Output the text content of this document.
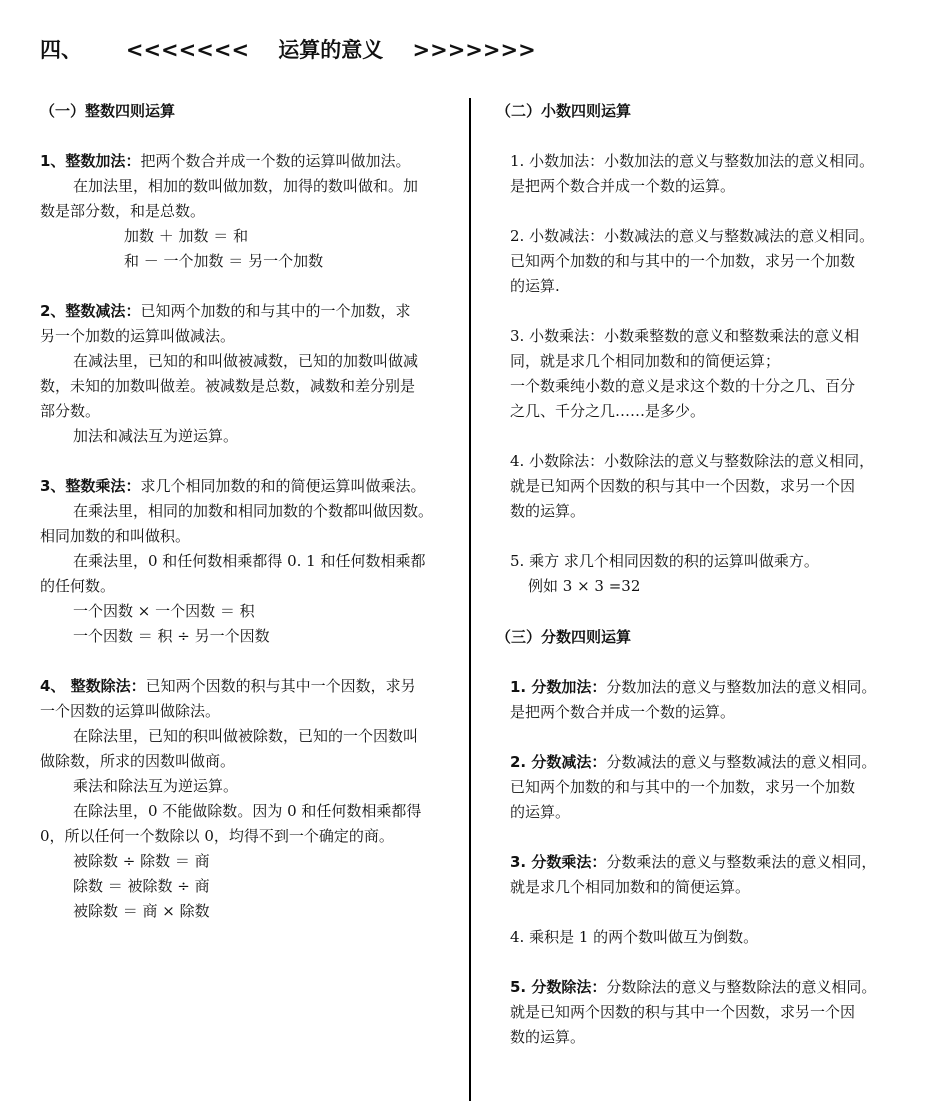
四、      <<<<<<<    运算的意义    >>>>>>>
（一）整数四则运算
1、整数加法：把两个数合并成一个数的运算叫做加法。
在加法里，相加的数叫做加数，加得的数叫做和。加
数是部分数，和是总数。
加数 ＋ 加数 ＝ 和
和 － 一个加数 ＝ 另一个加数
2、整数减法：已知两个加数的和与其中的一个加数，求
另一个加数的运算叫做减法。
在减法里，已知的和叫做被减数，已知的加数叫做减
数，未知的加数叫做差。被减数是总数，减数和差分别是
部分数。
加法和减法互为逆运算。
3、整数乘法：求几个相同加数的和的简便运算叫做乘法。
在乘法里，相同的加数和相同加数的个数都叫做因数。
相同加数的和叫做积。
在乘法里，0 和任何数相乘都得 0. 1 和任何数相乘都
的任何数。
一个因数 × 一个因数 ＝ 积
一个因数 ＝ 积 ÷ 另一个因数
4、 整数除法：已知两个因数的积与其中一个因数，求另
一个因数的运算叫做除法。
在除法里，已知的积叫做被除数，已知的一个因数叫
做除数，所求的因数叫做商。
乘法和除法互为逆运算。
在除法里，0 不能做除数。因为 0 和任何数相乘都得
0，所以任何一个数除以 0，均得不到一个确定的商。
被除数 ÷ 除数 ＝ 商
除数 ＝ 被除数 ÷ 商
被除数 ＝ 商 × 除数
（二）小数四则运算
1. 小数加法：小数加法的意义与整数加法的意义相同。
是把两个数合并成一个数的运算。
2. 小数减法：小数减法的意义与整数减法的意义相同。
已知两个加数的和与其中的一个加数，求另一个加数
的运算.
3. 小数乘法：小数乘整数的意义和整数乘法的意义相
同，就是求几个相同加数和的简便运算；
一个数乘纯小数的意义是求这个数的十分之几、百分
之几、千分之几……是多少。
4. 小数除法：小数除法的意义与整数除法的意义相同，
就是已知两个因数的积与其中一个因数，求另一个因
数的运算。
5. 乘方 求几个相同因数的积的运算叫做乘方。
例如 3 × 3 =32
（三）分数四则运算
1. 分数加法：分数加法的意义与整数加法的意义相同。
是把两个数合并成一个数的运算。
2. 分数减法：分数减法的意义与整数减法的意义相同。
已知两个加数的和与其中的一个加数，求另一个加数
的运算。
3. 分数乘法：分数乘法的意义与整数乘法的意义相同，
就是求几个相同加数和的简便运算。
4. 乘积是 1 的两个数叫做互为倒数。
5. 分数除法：分数除法的意义与整数除法的意义相同。
就是已知两个因数的积与其中一个因数，求另一个因
数的运算。
